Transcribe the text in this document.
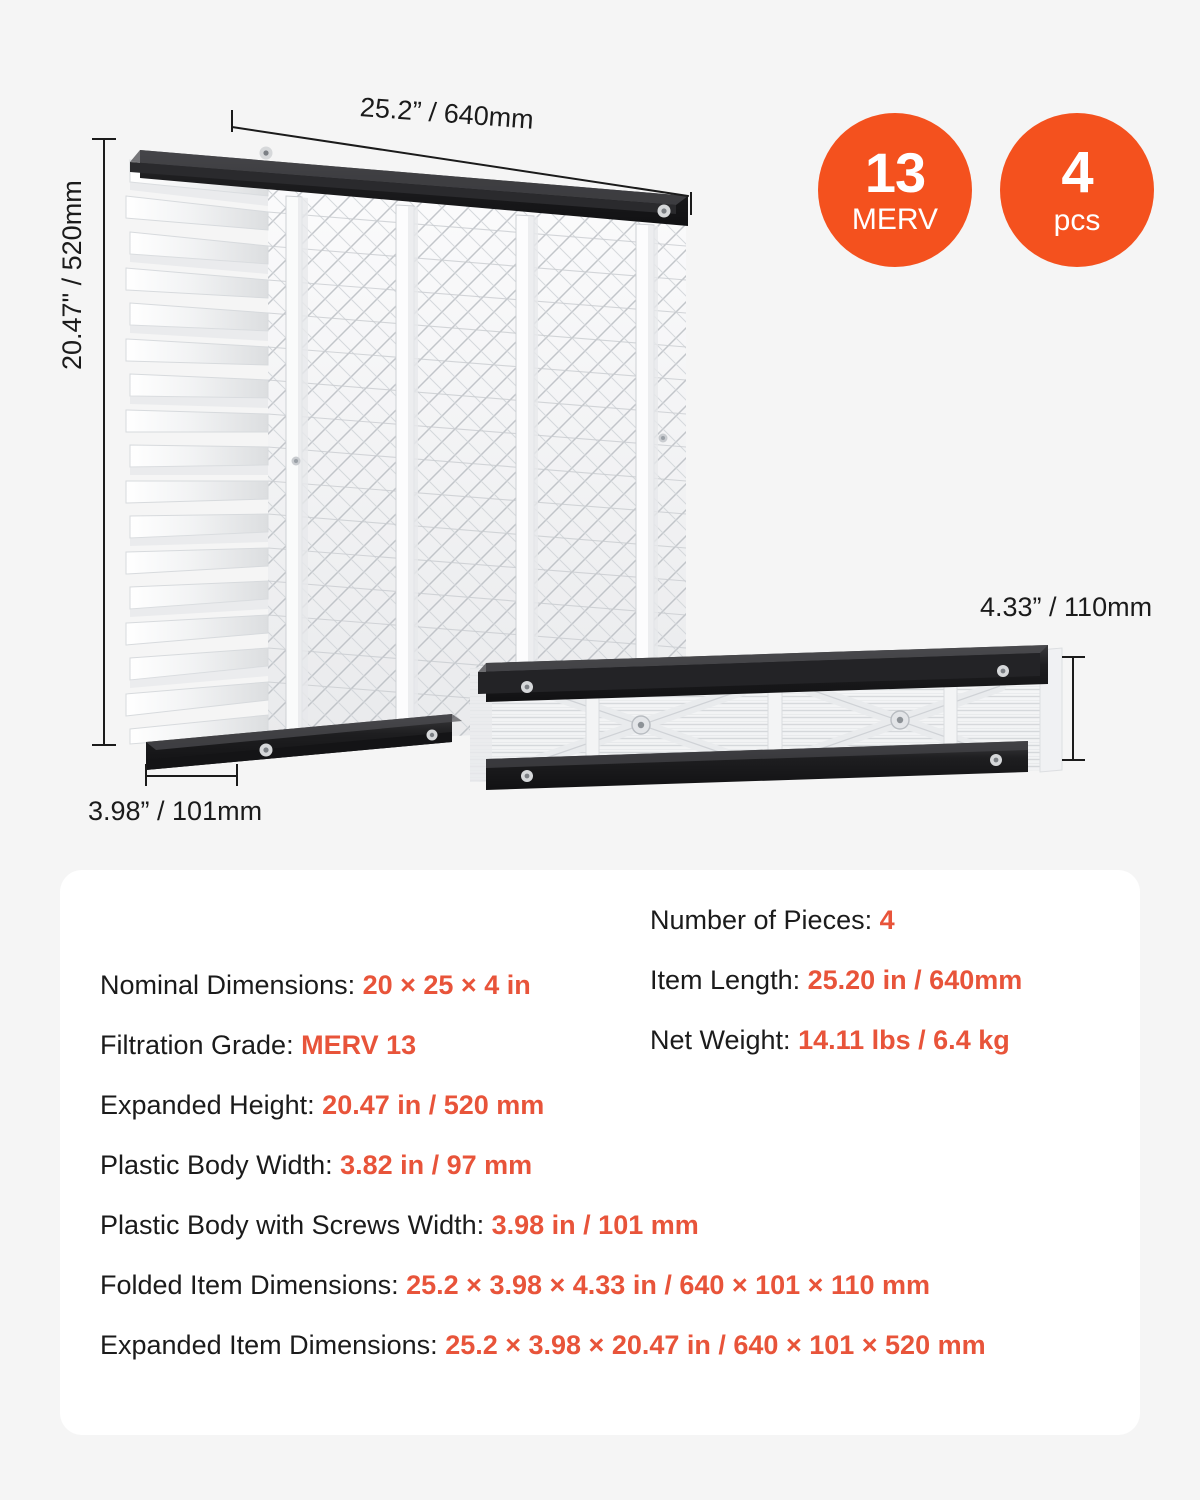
25.2” / 640mm
20.47" / 520mm
3.98” / 101mm
4.33” / 110mm
13
MERV
4
pcs
Nominal Dimensions: 20 × 25 × 4 in
Filtration Grade: MERV 13
Expanded Height: 20.47 in / 520 mm
Plastic Body Width: 3.82 in / 97 mm
Plastic Body with Screws Width: 3.98 in / 101 mm
Folded Item Dimensions: 25.2 × 3.98 × 4.33 in / 640 × 101 × 110 mm
Expanded Item Dimensions: 25.2 × 3.98 × 20.47 in / 640 × 101 × 520 mm
Number of Pieces: 4
Item Length: 25.20 in / 640mm
Net Weight: 14.11 lbs / 6.4 kg
